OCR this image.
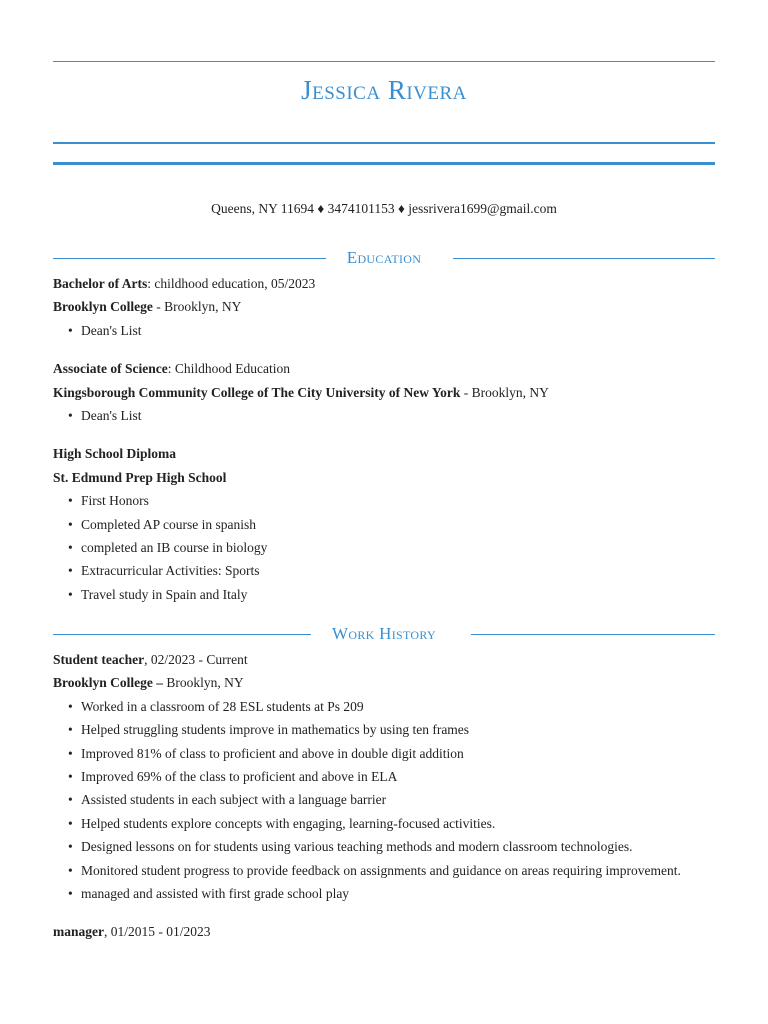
Jessica Rivera
Queens, NY 11694 ♦ 3474101153 ♦ jessrivera1699@gmail.com
Education
Bachelor of Arts: childhood education, 05/2023
Brooklyn College - Brooklyn, NY
• Dean's List
Associate of Science: Childhood Education
Kingsborough Community College of The City University of New York - Brooklyn, NY
• Dean's List
High School Diploma
St. Edmund Prep High School
• First Honors
• Completed AP course in spanish
• completed an IB course in biology
• Extracurricular Activities: Sports
• Travel study in Spain and Italy
Work History
Student teacher, 02/2023 - Current
Brooklyn College – Brooklyn, NY
• Worked in a classroom of 28 ESL students at Ps 209
• Helped struggling students improve in mathematics by using ten frames
• Improved 81% of class to proficient and above in double digit addition
• Improved 69% of the class to proficient and above in ELA
• Assisted students in each subject with a language barrier
• Helped students explore concepts with engaging, learning-focused activities.
• Designed lessons on for students using various teaching methods and modern classroom technologies.
• Monitored student progress to provide feedback on assignments and guidance on areas requiring improvement.
• managed and assisted with first grade school play
manager, 01/2015 - 01/2023
